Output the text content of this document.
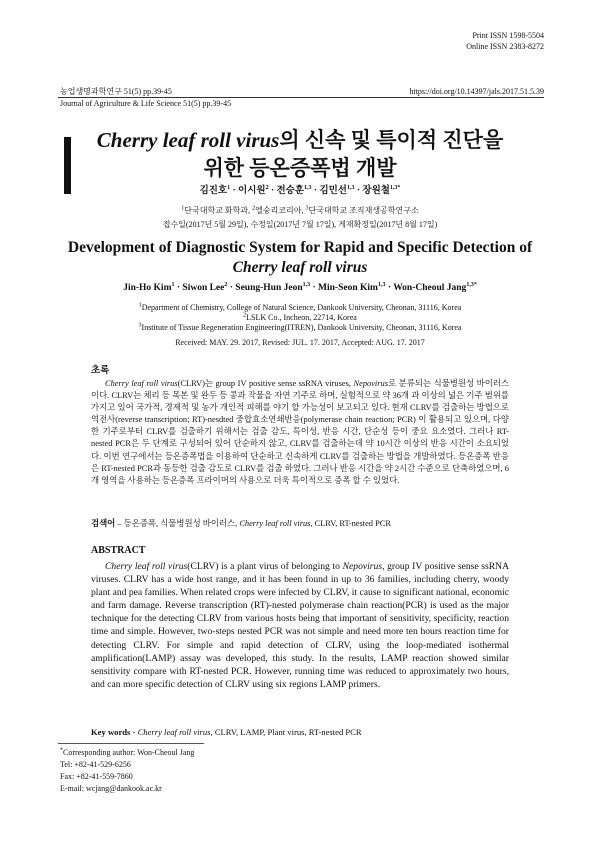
Print ISSN 1598-5504
Online ISSN 2383-8272
농업생명과학연구 51(5) pp.39-45	https://doi.org/10.14397/jals.2017.51.5.39
Journal of Agriculture & Life Science 51(5) pp.39-45
Cherry leaf roll virus의 신속 및 특이적 진단을
위한 등온증폭법 개발
김진호$^1$ · 이시원$^2$ · 전승훈$^{1,3}$ · 김민선$^{1,3}$ · 장원철$^{1,3*}$
$^1$단국대학교 화학과, $^2$엘숭리코리아, $^3$단국대학교 조직재생공학연구소
접수일(2017년 5월 29일), 수정일(2017년 7월 17일), 게재확정일(2017년 8월 17일)
Development of Diagnostic System for Rapid and Specific Detection of
Cherry leaf roll virus
Jin-Ho Kim$^1$ · Siwon Lee$^2$ · Seung-Hun Jeon$^{1,3}$ · Min-Seon Kim$^{1,3}$ · Won-Cheoul Jang$^{1,3*}$
$^1$Department of Chemistry, College of Natural Science, Dankook University, Cheonan, 31116, Korea
$^2$LSLK Co., Incheon, 22714, Korea
$^3$Institute of Tissue Regeneration Engineering(ITREN), Dankook University, Cheonan, 31116, Korea
Received: MAY. 29. 2017, Revised: JUL. 17. 2017, Accepted: AUG. 17. 2017
초록
Cherry leaf roll virus(CLRV)는 group IV positive sense ssRNA viruses, Nepovirus로 분류되는 식물병원성 바이러스이다. CLRV는 체리 등 목본 및 완두 등 콩과 작물을 자연 기주로 하며, 실험적으로 약 36개 과 이상의 넓은 기주 범위를 가지고 있어 국가적, 경제적 및 농가 개인적 피해를 야기 할 가능성이 보고되고 있다. 현재 CLRV를 검출하는 방법으로 역전사(reverse transcription; RT)-nesdted 중합효소연쇄반응(polymerase chain reaction; PCR) 이 활용되고 있으며, 다양한 기주로부터 CLRV를 검출하기 위해서는 검출 감도, 특이성, 반응 시간, 단순성 등이 중요 요소였다. 그러나 RT-nested PCR은 두 단계로 구성되어 있어 단순하지 않고, CLRV를 검출하는데 약 10시간 이상의 반응 시간이 소요되었다. 이번 연구에서는 등온증폭법을 이용하여 단순하고 신속하게 CLRV를 검출하는 방법을 개발하였다. 등온증폭 반응은 RT-nested PCR과 동등한 검출 감도로 CLRV를 검출 하였다. 그러나 반응 시간을 약 2시간 수준으로 단축하였으며, 6개 영역을 사용하는 등온증폭 프라이머의 사용으로 더욱 특이적으로 증폭 할 수 있었다.
검색어 – 등온증폭, 식물병원성 바이러스, Cherry leaf roll virus, CLRV, RT-nested PCR
ABSTRACT
Cherry leaf roll virus(CLRV) is a plant virus of belonging to Nepovirus, group IV positive sense ssRNA viruses. CLRV has a wide host range, and it has been found in up to 36 families, including cherry, woody plant and pea families. When related crops were infected by CLRV, it cause to significant national, economic and farm damage. Reverse transcription (RT)-nested polymerase chain reaction(PCR) is used as the major technique for the detecting CLRV from various hosts being that important of sensitivity, specificity, reaction time and simple. However, two-steps nested PCR was not simple and need more ten hours reaction time for detecting CLRV. For simple and rapid detection of CLRV, using the loop-mediated isothermal amplification(LAMP) assay was developed, this study. In the results, LAMP reaction showed similar sensitivity compare with RT-nested PCR. However, running time was reduced to approximately two hours, and can more specific detection of CLRV using six regions LAMP primers.
Key words - Cherry leaf roll virus, CLRV, LAMP, Plant virus, RT-nested PCR
*Corresponding author: Won-Cheoul Jang
Tel: +82-41-529-6256
Fax: +82-41-559-7860
E-mail: wcjang@dankook.ac.kr
